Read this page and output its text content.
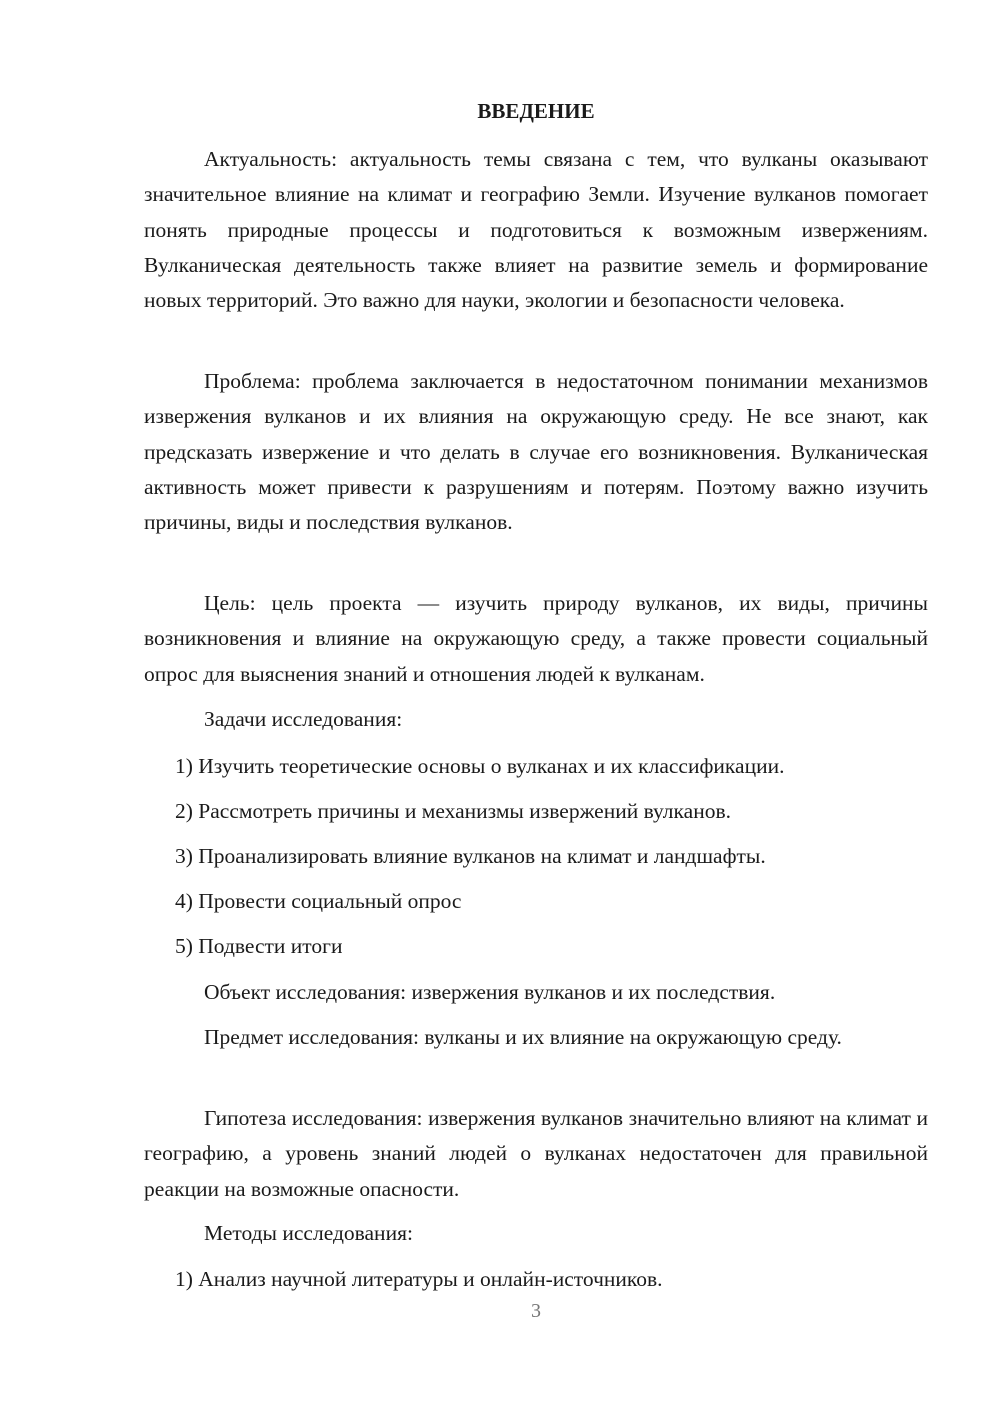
ВВЕДЕНИЕ

Актуальность: актуальность темы связана с тем, что вулканы оказывают значительное влияние на климат и географию Земли. Изучение вулканов помогает понять природные процессы и подготовиться к возможным извержениям. Вулканическая деятельность также влияет на развитие земель и формирование новых территорий. Это важно для науки, экологии и безопасности человека.

Проблема: проблема заключается в недостаточном понимании механизмов извержения вулканов и их влияния на окружающую среду. Не все знают, как предсказать извержение и что делать в случае его возникновения. Вулканическая активность может привести к разрушениям и потерям. Поэтому важно изучить причины, виды и последствия вулканов.

Цель: цель проекта — изучить природу вулканов, их виды, причины возникновения и влияние на окружающую среду, а также провести социальный опрос для выяснения знаний и отношения людей к вулканам.

Задачи исследования:

1) Изучить теоретические основы о вулканах и их классификации.

2) Рассмотреть причины и механизмы извержений вулканов.

3) Проанализировать влияние вулканов на климат и ландшафты.

4) Провести социальный опрос

5) Подвести итоги

Объект исследования: извержения вулканов и их последствия.

Предмет исследования: вулканы и их влияние на окружающую среду.

Гипотеза исследования: извержения вулканов значительно влияют на климат и географию, а уровень знаний людей о вулканах недостаточен для правильной реакции на возможные опасности.

Методы исследования:

1) Анализ научной литературы и онлайн-источников.

3
